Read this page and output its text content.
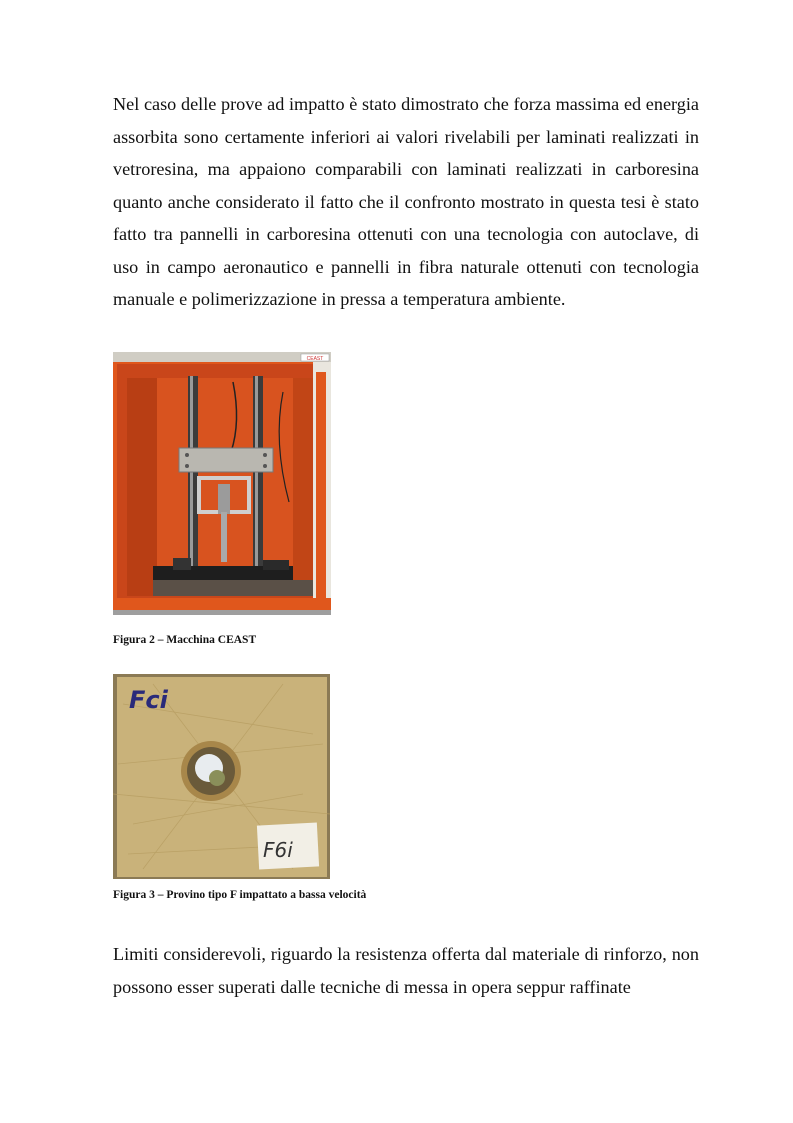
Nel caso delle prove ad impatto è stato dimostrato che forza massima ed energia assorbita sono certamente inferiori ai valori rivelabili per laminati realizzati in vetroresina, ma appaiono comparabili con laminati realizzati in carboresina quanto anche considerato il fatto che il confronto mostrato in questa tesi è stato fatto tra pannelli in carboresina ottenuti con una tecnologia con autoclave, di uso in campo aeronautico e pannelli in fibra naturale ottenuti con tecnologia manuale e polimerizzazione in pressa a temperatura ambiente.

CEAST

Figura 2 – Macchina CEAST

Fci
F6i

Figura 3 – Provino tipo F impattato a bassa velocità

Limiti considerevoli, riguardo la resistenza offerta dal materiale di rinforzo, non possono esser superati dalle tecniche di messa in opera seppur raffinate
